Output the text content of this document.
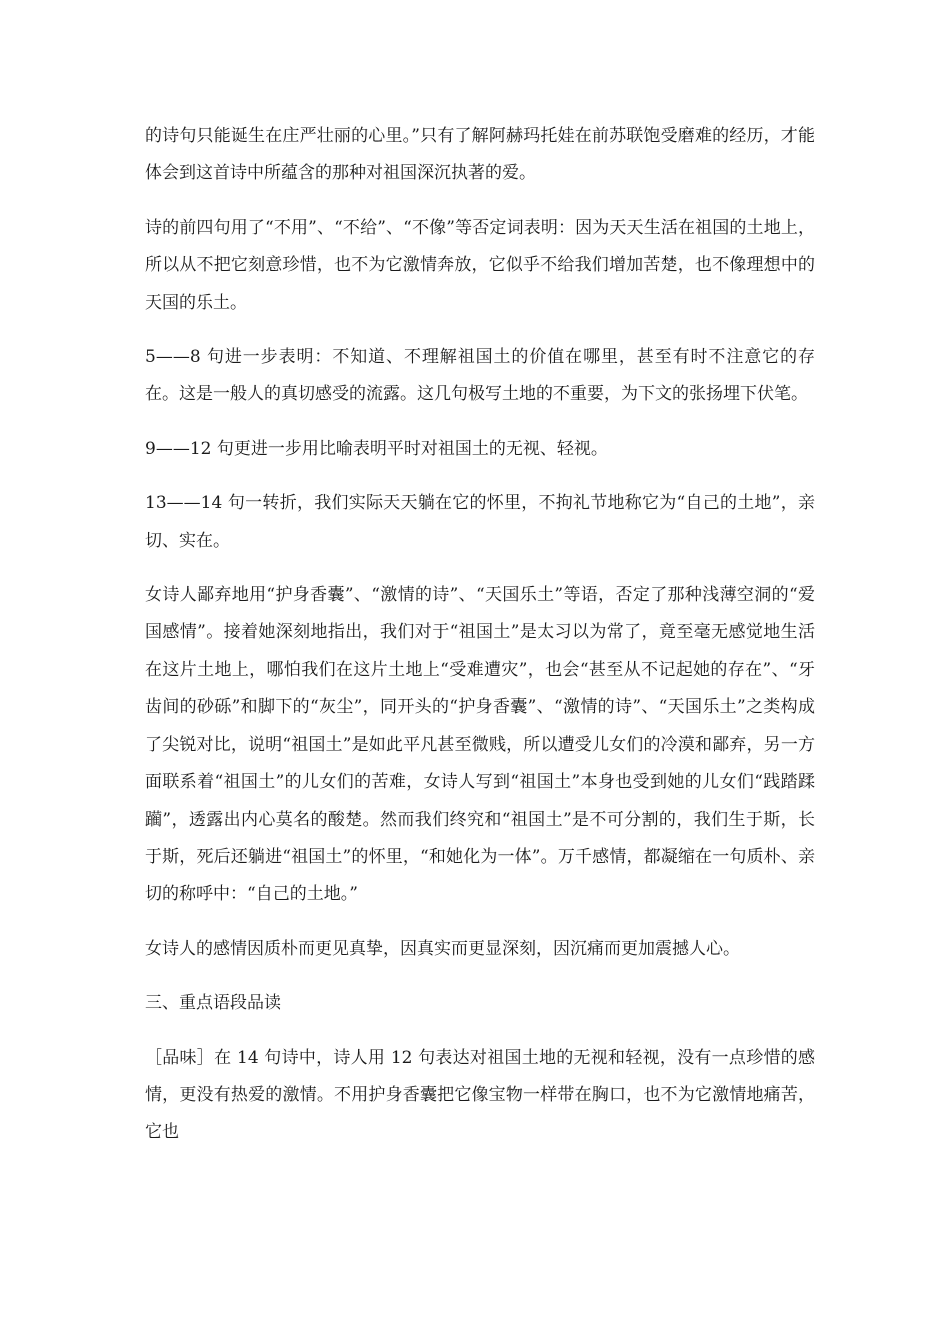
的诗句只能诞生在庄严壮丽的心里。”只有了解阿赫玛托娃在前苏联饱受磨难的经历，才能体会到这首诗中所蕴含的那种对祖国深沉执著的爱。

诗的前四句用了“不用”、“不给”、“不像”等否定词表明：因为天天生活在祖国的土地上，所以从不把它刻意珍惜，也不为它激情奔放，它似乎不给我们增加苦楚，也不像理想中的天国的乐土。

5——8 句进一步表明：不知道、不理解祖国土的价值在哪里，甚至有时不注意它的存在。这是一般人的真切感受的流露。这几句极写土地的不重要，为下文的张扬埋下伏笔。

9——12 句更进一步用比喻表明平时对祖国土的无视、轻视。

13——14 句一转折，我们实际天天躺在它的怀里，不拘礼节地称它为“自己的土地”，亲切、实在。

女诗人鄙弃地用“护身香囊”、“激情的诗”、“天国乐土”等语，否定了那种浅薄空洞的“爱国感情”。接着她深刻地指出，我们对于“祖国土”是太习以为常了，竟至毫无感觉地生活在这片土地上，哪怕我们在这片土地上“受难遭灾”，也会“甚至从不记起她的存在”、“牙齿间的砂砾”和脚下的“灰尘”，同开头的“护身香囊”、“激情的诗”、“天国乐土”之类构成了尖锐对比，说明“祖国土”是如此平凡甚至微贱，所以遭受儿女们的冷漠和鄙弃，另一方面联系着“祖国土”的儿女们的苦难，女诗人写到“祖国土”本身也受到她的儿女们“践踏蹂躏”，透露出内心莫名的酸楚。然而我们终究和“祖国土”是不可分割的，我们生于斯，长于斯，死后还躺进“祖国土”的怀里，“和她化为一体”。万千感情，都凝缩在一句质朴、亲切的称呼中：“自己的土地。”

女诗人的感情因质朴而更见真挚，因真实而更显深刻，因沉痛而更加震撼人心。

三、重点语段品读

［品味］在 14 句诗中，诗人用 12 句表达对祖国土地的无视和轻视，没有一点珍惜的感情，更没有热爱的激情。不用护身香囊把它像宝物一样带在胸口，也不为它激情地痛苦，它也
